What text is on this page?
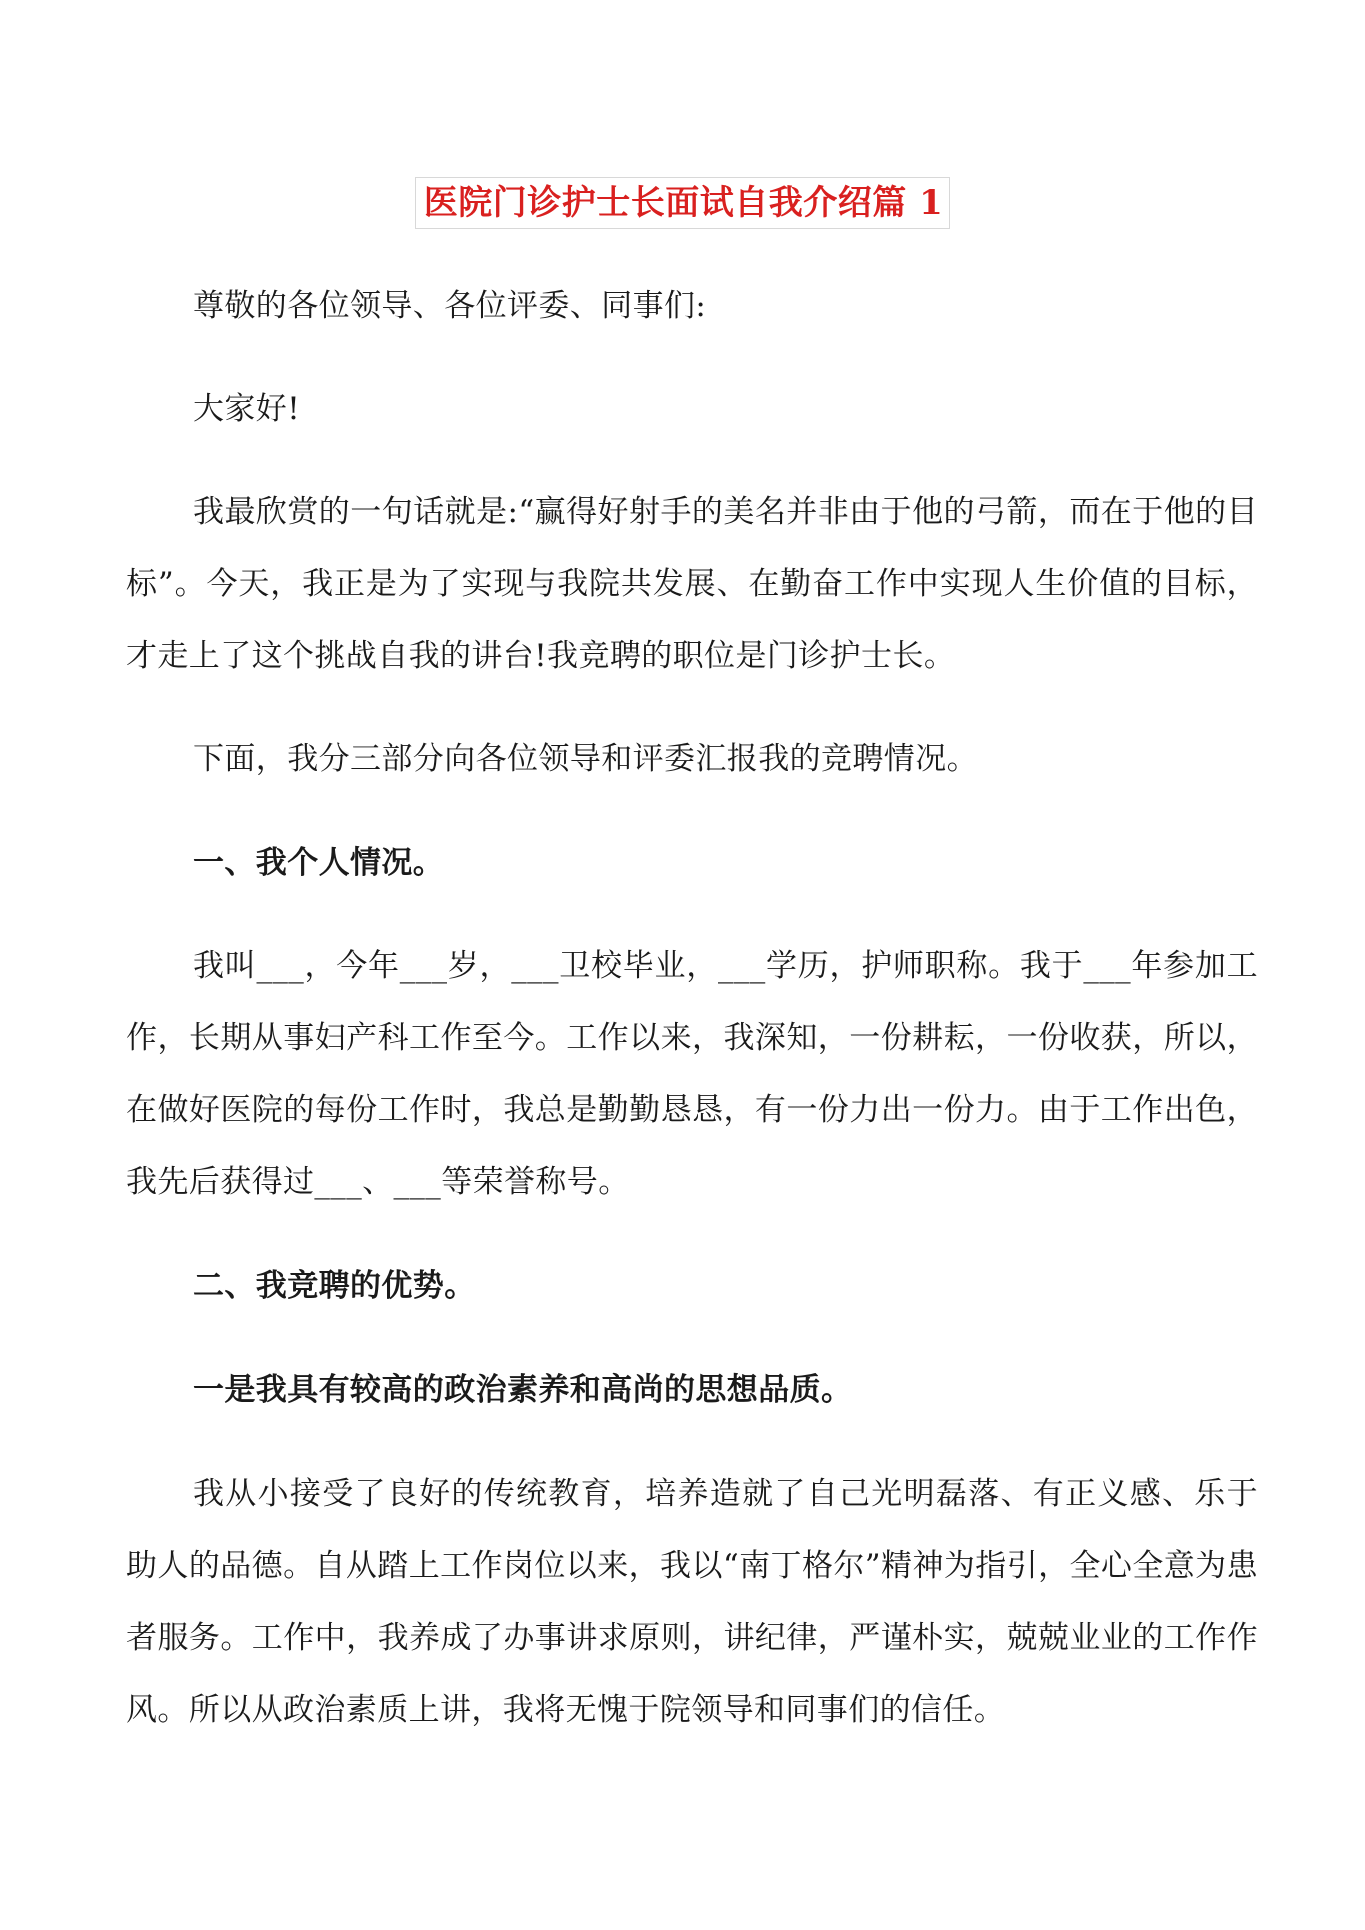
医院门诊护士长面试自我介绍篇 1

尊敬的各位领导、各位评委、同事们:

大家好!

我最欣赏的一句话就是:“赢得好射手的美名并非由于他的弓箭，而在于他的目标”。今天，我正是为了实现与我院共发展、在勤奋工作中实现人生价值的目标，才走上了这个挑战自我的讲台!我竞聘的职位是门诊护士长。

下面，我分三部分向各位领导和评委汇报我的竞聘情况。

一、我个人情况。

我叫___，今年___岁，___卫校毕业，___学历，护师职称。我于___年参加工作，长期从事妇产科工作至今。工作以来，我深知，一份耕耘，一份收获，所以，在做好医院的每份工作时，我总是勤勤恳恳，有一份力出一份力。由于工作出色，我先后获得过___、___等荣誉称号。

二、我竞聘的优势。

一是我具有较高的政治素养和高尚的思想品质。

我从小接受了良好的传统教育，培养造就了自己光明磊落、有正义感、乐于助人的品德。自从踏上工作岗位以来，我以“南丁格尔”精神为指引，全心全意为患者服务。工作中，我养成了办事讲求原则，讲纪律，严谨朴实，兢兢业业的工作作风。所以从政治素质上讲，我将无愧于院领导和同事们的信任。
